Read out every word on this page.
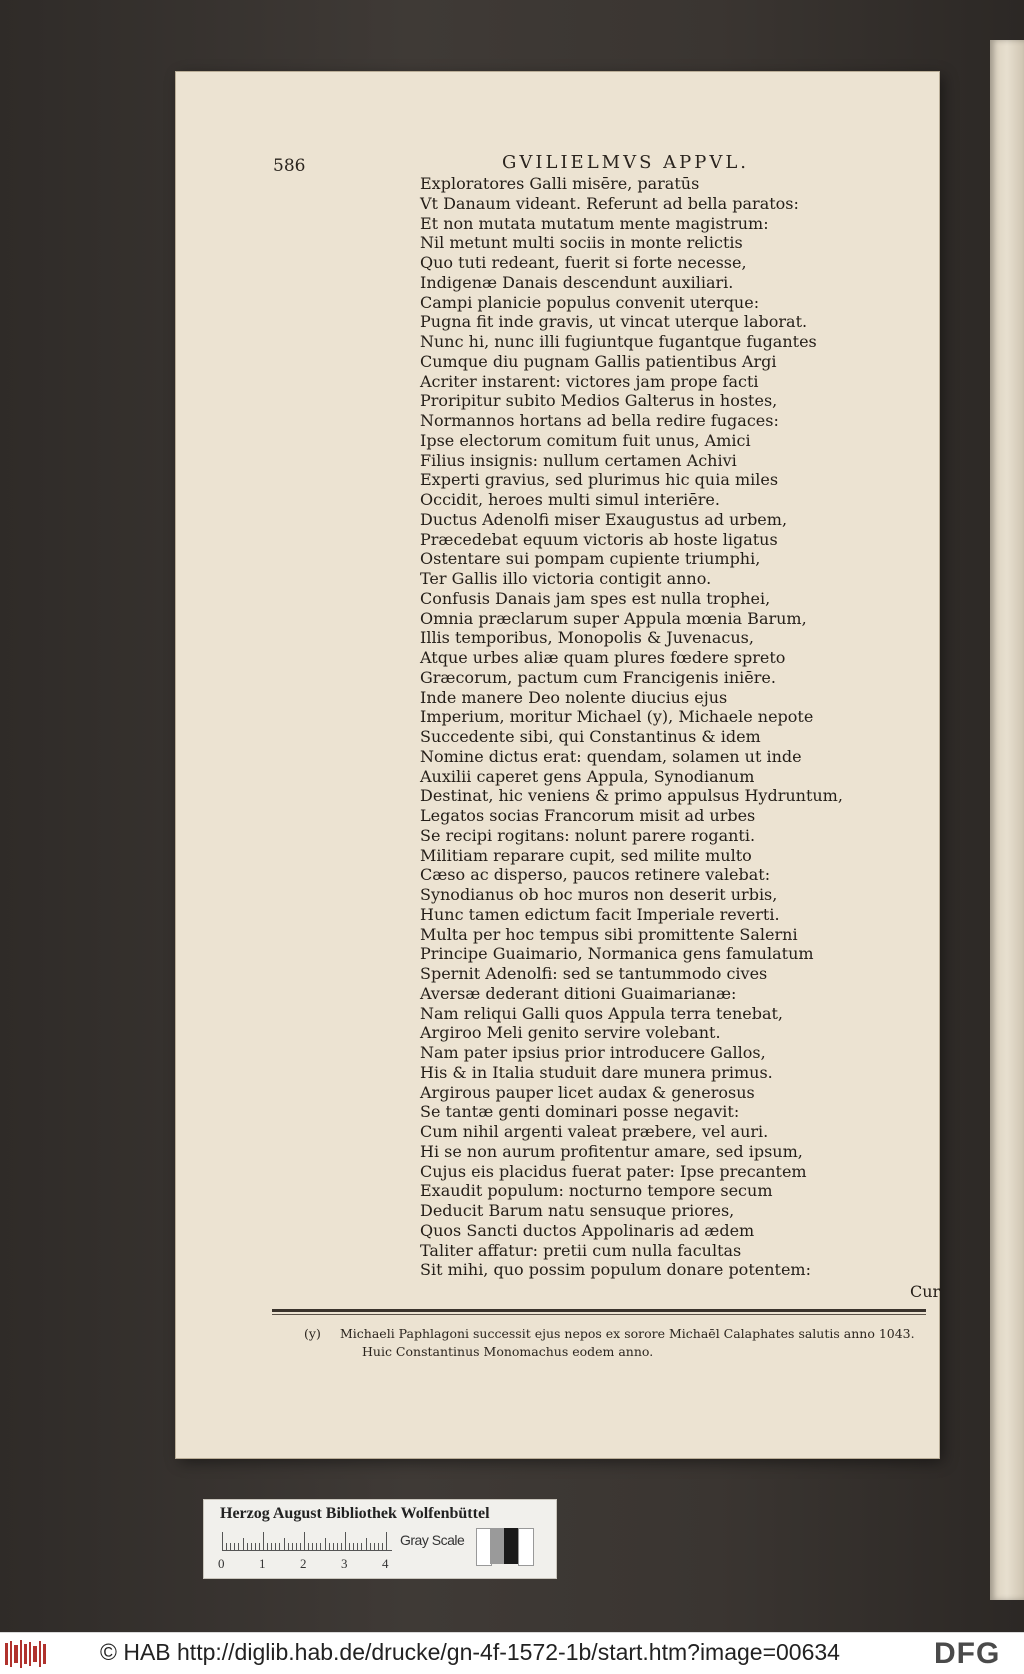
586	GVILIELMVS APPVL.
Exploratores Galli misēre, paratūs
Vt Danaum videant. Referunt ad bella paratos:
Et non mutata mutatum mente magistrum:
Nil metunt multi sociis in monte relictis
Quo tuti redeant, fuerit si forte necesse,
Indigenæ Danais descendunt auxiliari.
Campi planicie populus convenit uterque:
Pugna fit inde gravis, ut vincat uterque laborat.
Nunc hi, nunc illi fugiuntque fugantque fugantes
Cumque diu pugnam Gallis patientibus Argi
Acriter instarent: victores jam prope facti
Proripitur subito Medios Galterus in hostes,
Normannos hortans ad bella redire fugaces:
Ipse electorum comitum fuit unus, Amici
Filius insignis: nullum certamen Achivi
Experti gravius, sed plurimus hic quia miles
Occidit, heroes multi simul interiēre.
Ductus Adenolfi miser Exaugustus ad urbem,
Præcedebat equum victoris ab hoste ligatus
Ostentare sui pompam cupiente triumphi,
Ter Gallis illo victoria contigit anno.
Confusis Danais jam spes est nulla trophei,
Omnia præclarum super Appula mœnia Barum,
Illis temporibus, Monopolis & Juvenacus,
Atque urbes aliæ quam plures fœdere spreto
Græcorum, pactum cum Francigenis iniēre.
Inde manere Deo nolente diucius ejus
Imperium, moritur Michael (y), Michaele nepote
Succedente sibi, qui Constantinus & idem
Nomine dictus erat: quendam, solamen ut inde
Auxilii caperet gens Appula, Synodianum
Destinat, hic veniens & primo appulsus Hydruntum,
Legatos socias Francorum misit ad urbes
Se recipi rogitans: nolunt parere roganti.
Militiam reparare cupit, sed milite multo
Cæso ac disperso, paucos retinere valebat:
Synodianus ob hoc muros non deserit urbis,
Hunc tamen edictum facit Imperiale reverti.
Multa per hoc tempus sibi promittente Salerni
Principe Guaimario, Normanica gens famulatum
Spernit Adenolfi: sed se tantummodo cives
Aversæ dederant ditioni Guaimarianæ:
Nam reliqui Galli quos Appula terra tenebat,
Argiroo Meli genito servire volebant.
Nam pater ipsius prior introducere Gallos,
His & in Italia studuit dare munera primus.
Argirous pauper licet audax & generosus
Se tantæ genti dominari posse negavit:
Cum nihil argenti valeat præbere, vel auri.
Hi se non aurum profitentur amare, sed ipsum,
Cujus eis placidus fuerat pater: Ipse precantem
Exaudit populum: nocturno tempore secum
Deducit Barum natu sensuque priores,
Quos Sancti ductos Appolinaris ad ædem
Taliter affatur: pretii cum nulla facultas
Sit mihi, quo possim populum donare potentem:
Cur
(y) Michaeli Paphlagoni successit ejus nepos ex sorore Michaēl Calaphates salutis anno 1043.
Huic Constantinus Monomachus eodem anno.
Herzog August Bibliothek Wolfenbüttel
0	1	2	3	4
Gray Scale
© HAB http://diglib.hab.de/drucke/gn-4f-1572-1b/start.htm?image=00634	DFG
